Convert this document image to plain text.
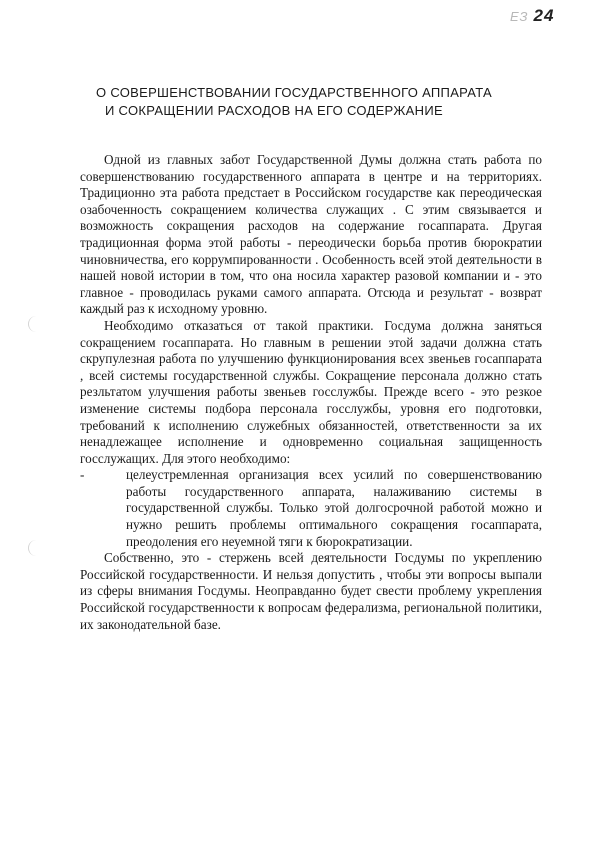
ЕЗ 24
О СОВЕРШЕНСТВОВАНИИ ГОСУДАРСТВЕННОГО АППАРАТА
И СОКРАЩЕНИИ РАСХОДОВ НА ЕГО СОДЕРЖАНИЕ

Одной из главных забот Государственной Думы должна стать работа по совершенствованию государственного аппарата в центре и на территориях. Традиционно эта работа предстает в Российском государстве как переодическая озабоченность сокращением количества служащих . С этим связывается и возможность сокращения расходов на содержание госаппарата. Другая традиционная форма этой работы - переодически борьба против бюрократии чиновничества, его коррумпированности . Особенность всей этой деятельности в нашей новой истории в том, что она носила характер разовой компании и - это главное - проводилась руками самого аппарата. Отсюда и результат - возврат каждый раз к исходному уровню.

Необходимо отказаться от такой практики. Госдума должна заняться сокращением госаппарата. Но главным в решении этой задачи должна стать скрупулезная работа по улучшению функционирования всех звеньев госаппарата , всей системы государственной службы. Сокращение персонала должно стать резльтатом улучшения работы звеньев госслужбы. Прежде всего - это резкое изменение системы подбора персонала госслужбы, уровня его подготовки, требований к исполнению служебных обязанностей, ответственности за их ненадлежащее исполнение и одновременно социальная защищенность госслужащих. Для этого необходимо:

-	целеустремленная организация всех усилий по совершенствованию работы государственного аппарата, налаживанию системы в государственной службы. Только этой долгосрочной работой можно и нужно решить проблемы оптимального сокращения госаппарата, преодоления его неуемной тяги к бюрократизации.

Собственно, это - стержень всей деятельности Госдумы по укреплению Российской государственности. И нельзя допустить , чтобы эти вопросы выпали из сферы внимания Госдумы. Неоправданно будет свести проблему укрепления Российской государственности к вопросам федерализма, региональной политики, их законодательной базе.
